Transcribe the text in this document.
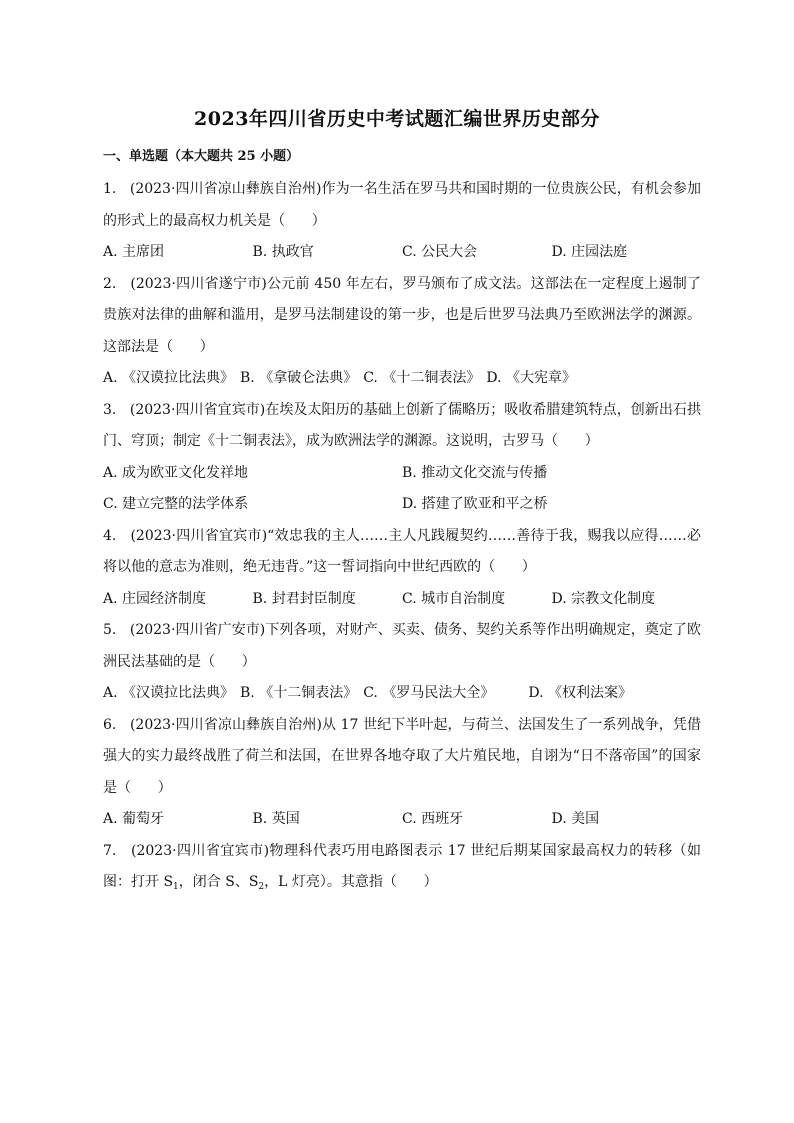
2023年四川省历史中考试题汇编世界历史部分
一、单选题（本大题共 25 小题）

1.   (2023·四川省凉山彝族自治州)作为一名生活在罗马共和国时期的一位贵族公民，有机会参加的形式上的最高权力机关是（      ）

A. 主席团	B. 执政官	C. 公民大会	D. 庄园法庭

2.   (2023·四川省遂宁市)公元前 450 年左右，罗马颁布了成文法。这部法在一定程度上遏制了贵族对法律的曲解和滥用，是罗马法制建设的第一步，也是后世罗马法典乃至欧洲法学的渊源。这部法是（      ）

A. 《汉谟拉比法典》 B. 《拿破仑法典》 C. 《十二铜表法》 D. 《大宪章》

3.   (2023·四川省宜宾市)在埃及太阳历的基础上创新了儒略历；吸收希腊建筑特点，创新出石拱门、穹顶；制定《十二铜表法》，成为欧洲法学的渊源。这说明，古罗马（      ）

A. 成为欧亚文化发祥地	B. 推动文化交流与传播
C. 建立完整的法学体系	D. 搭建了欧亚和平之桥

4.   (2023·四川省宜宾市)“效忠我的主人……主人凡践履契约……善待于我，赐我以应得……必将以他的意志为准则，绝无违背。”这一誓词指向中世纪西欧的（      ）

A. 庄园经济制度	B. 封君封臣制度	C. 城市自治制度	D. 宗教文化制度

5.   (2023·四川省广安市)下列各项，对财产、买卖、债务、契约关系等作出明确规定，奠定了欧洲民法基础的是（      ）

A. 《汉谟拉比法典》 B. 《十二铜表法》 C. 《罗马民法大全》 D. 《权利法案》

6.   (2023·四川省凉山彝族自治州)从 17 世纪下半叶起，与荷兰、法国发生了一系列战争，凭借强大的实力最终战胜了荷兰和法国，在世界各地夺取了大片殖民地，自诩为“日不落帝国”的国家是（      ）

A. 葡萄牙	B. 英国	C. 西班牙	D. 美国

7.   (2023·四川省宜宾市)物理科代表巧用电路图表示 17 世纪后期某国家最高权力的转移（如图：打开 $S_1$，闭合 S、$S_2$，L 灯亮）。其意指（      ）
